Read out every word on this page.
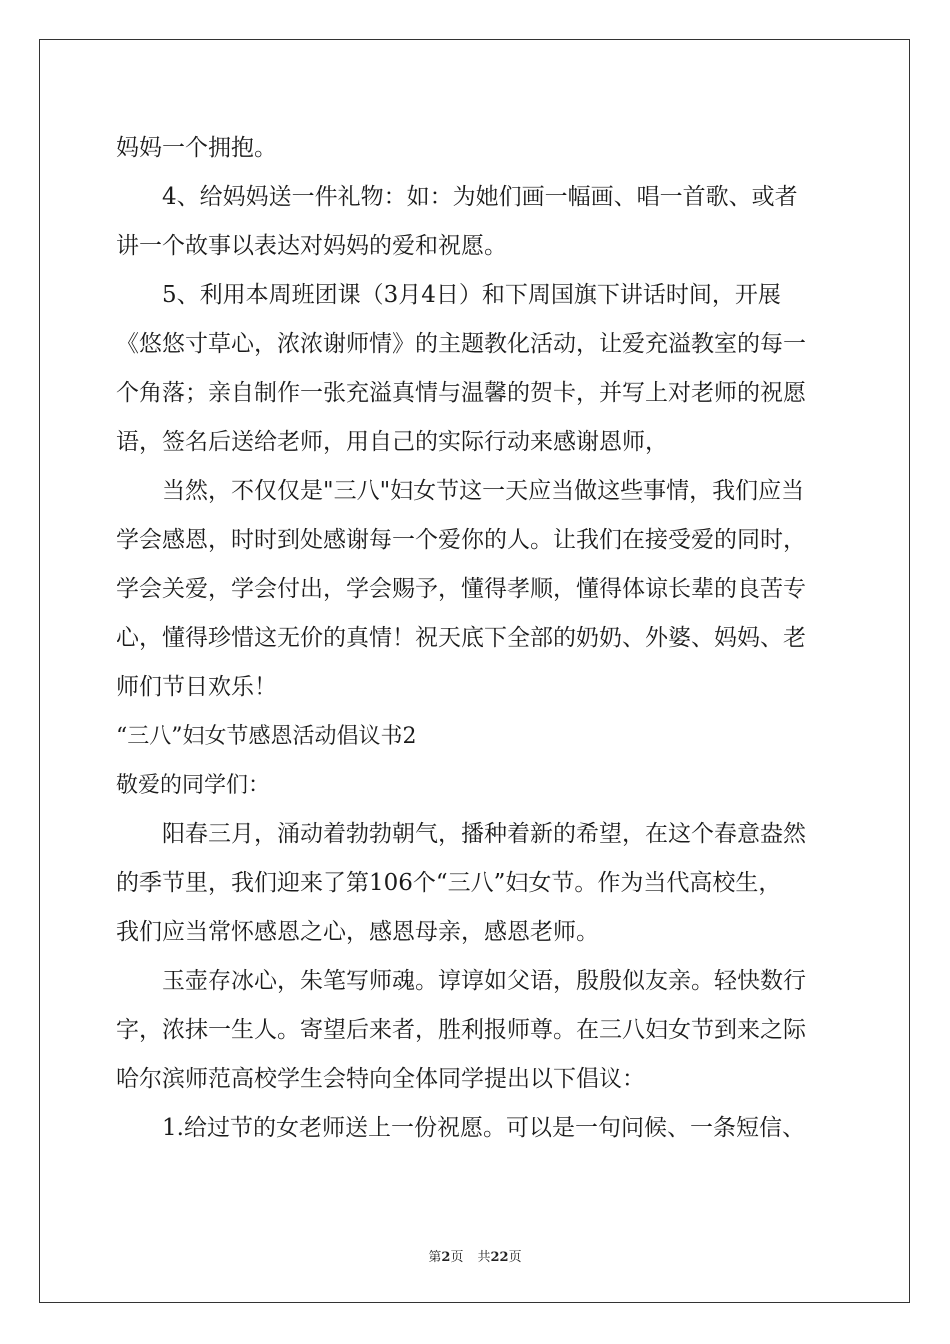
妈妈一个拥抱。
　　4、给妈妈送一件礼物：如：为她们画一幅画、唱一首歌、或者
讲一个故事以表达对妈妈的爱和祝愿。
　　5、利用本周班团课（3月4日）和下周国旗下讲话时间，开展
《悠悠寸草心，浓浓谢师情》的主题教化活动，让爱充溢教室的每一
个角落；亲自制作一张充溢真情与温馨的贺卡，并写上对老师的祝愿
语，签名后送给老师，用自己的实际行动来感谢恩师，
　　当然，不仅仅是"三八"妇女节这一天应当做这些事情，我们应当
学会感恩，时时到处感谢每一个爱你的人。让我们在接受爱的同时，
学会关爱，学会付出，学会赐予，懂得孝顺，懂得体谅长辈的良苦专
心，懂得珍惜这无价的真情！祝天底下全部的奶奶、外婆、妈妈、老
师们节日欢乐！
“三八”妇女节感恩活动倡议书2
敬爱的同学们：
　　阳春三月，涌动着勃勃朝气，播种着新的希望，在这个春意盎然
的季节里，我们迎来了第106个“三八”妇女节。作为当代高校生，
我们应当常怀感恩之心，感恩母亲，感恩老师。
　　玉壶存冰心，朱笔写师魂。谆谆如父语，殷殷似友亲。轻快数行
字，浓抹一生人。寄望后来者，胜利报师尊。在三八妇女节到来之际
哈尔滨师范高校学生会特向全体同学提出以下倡议：
　　1.给过节的女老师送上一份祝愿。可以是一句问候、一条短信、
第2页 共22页
